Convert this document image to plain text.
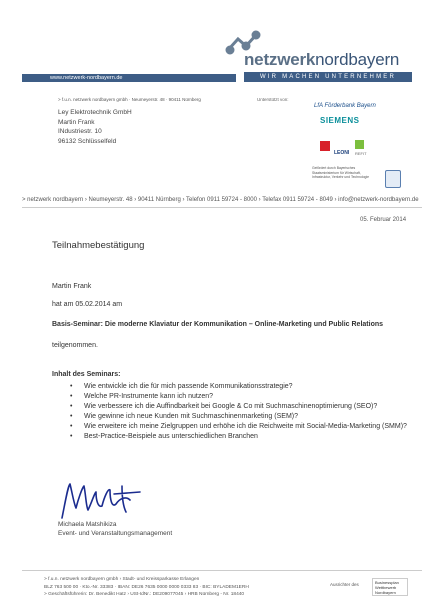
netzwerknordbayern
WIR MACHEN UNTERNEHMER
www.netzwerk-nordbayern.de
> f.u.n. netzwerk nordbayern gmbh · Neumeyerstr. 48 · 90411 Nürnberg
Ley Elektrotechnik GmbH
Martin Frank
INdustriestr. 10
96132 Schlüsselfeld
Unterstützt von:
LfA Förderbank Bayern
SIEMENS
LEONI REFIT
Gefördert durch Bayerisches Staatsministerium für Wirtschaft, Infrastruktur, Verkehr und Technologie
> netzwerk nordbayern › Neumeyerstr. 48 › 90411 Nürnberg › Telefon 0911 59724 - 8000 › Telefax 0911 59724 - 8049 › info@netzwerk-nordbayern.de
05. Februar 2014
Teilnahmebestätigung
Martin Frank
hat am 05.02.2014 am
Basis-Seminar: Die moderne Klaviatur der Kommunikation – Online-Marketing und Public Relations
teilgenommen.
Inhalt des Seminars:
• Wie entwickle ich die für mich passende Kommunikationsstrategie?
• Welche PR-Instrumente kann ich nutzen?
• Wie verbessere ich die Auffindbarkeit bei Google & Co mit Suchmaschinenoptimierung (SEO)?
• Wie gewinne ich neue Kunden mit Suchmaschinenmarketing (SEM)?
• Wie erweitere ich meine Zielgruppen und erhöhe ich die Reichweite mit Social-Media-Marketing (SMM)?
• Best-Practice-Beispiele aus unterschiedlichen Branchen
Michaela Matshikiza
Event- und Veranstaltungsmanagement
> f.u.n. netzwerk nordbayern gmbh › Stadt- und Kreissparkasse Erlangen
BLZ 763 500 00 · Kto.-Nr. 33383 · IBAN: DE26 7635 0000 0000 0333 83 · BIC: BYLADEM1ERH
> Geschäftsführerin: Dr. Benedikt Hatz › USt-IdNr.: DE209077045 › HRB Nürnberg - Nr. 18440
Ausrichter des	Businessplan Wettbewerb Nordbayern
